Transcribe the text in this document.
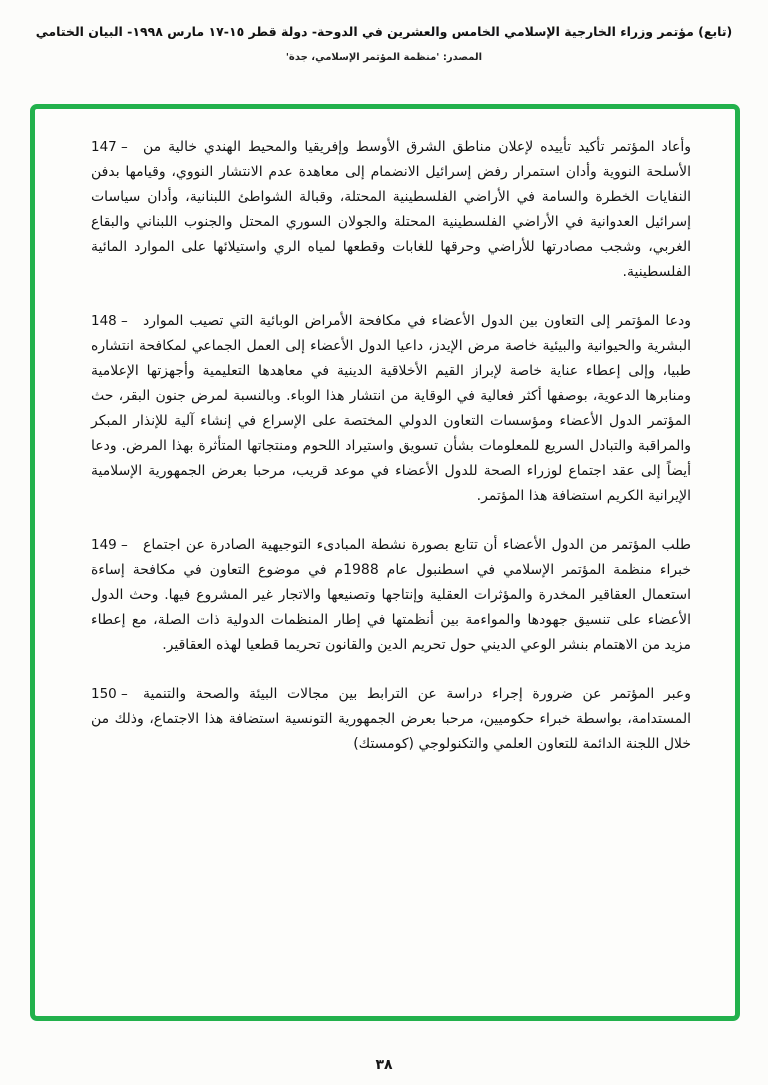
(تابع) مؤتمر وزراء الخارجية الإسلامي الخامس والعشرين في الدوحة- دولة قطر ١٥-١٧ مارس ١٩٩٨- البيان الختامي
المصدر: 'منظمة المؤتمر الإسلامي، جدة'
147 – وأعاد المؤتمر تأكيد تأييده لإعلان مناطق الشرق الأوسط وإفريقيا والمحيط الهندي خالية من الأسلحة النووية وأدان استمرار رفض إسرائيل الانضمام إلى معاهدة عدم الانتشار النووي، وقيامها بدفن النفايات الخطرة والسامة في الأراضي الفلسطينية المحتلة، وقبالة الشواطئ اللبنانية، وأدان سياسات إسرائيل العدوانية في الأراضي الفلسطينية المحتلة والجولان السوري المحتل والجنوب اللبناني والبقاع الغربي، وشجب مصادرتها للأراضي وحرقها للغابات وقطعها لمياه الري واستيلائها على الموارد المائية الفلسطينية.
148 – ودعا المؤتمر إلى التعاون بين الدول الأعضاء في مكافحة الأمراض الوبائية التي تصيب الموارد البشرية والحيوانية والبيئية خاصة مرض الإيدز، داعيا الدول الأعضاء إلى العمل الجماعي لمكافحة انتشاره طبيا، وإلى إعطاء عناية خاصة لإبراز القيم الأخلاقية الدينية في معاهدها التعليمية وأجهزتها الإعلامية ومنابرها الدعوية، بوصفها أكثر فعالية في الوقاية من انتشار هذا الوباء. وبالنسبة لمرض جنون البقر، حث المؤتمر الدول الأعضاء ومؤسسات التعاون الدولي المختصة على الإسراع في إنشاء آلية للإنذار المبكر والمراقبة والتبادل السريع للمعلومات بشأن تسويق واستيراد اللحوم ومنتجاتها المتأثرة بهذا المرض. ودعا أيضاً إلى عقد اجتماع لوزراء الصحة للدول الأعضاء في موعد قريب، مرحبا بعرض الجمهورية الإسلامية الإيرانية الكريم استضافة هذا المؤتمر.
149 – طلب المؤتمر من الدول الأعضاء أن تتابع بصورة نشطة المبادىء التوجيهية الصادرة عن اجتماع خبراء منظمة المؤتمر الإسلامي في اسطنبول عام 1988م في موضوع التعاون في مكافحة إساءة استعمال العقاقير المخدرة والمؤثرات العقلية وإنتاجها وتصنيعها والاتجار غير المشروع فيها. وحث الدول الأعضاء على تنسيق جهودها والمواءمة بين أنظمتها في إطار المنظمات الدولية ذات الصلة، مع إعطاء مزيد من الاهتمام بنشر الوعي الديني حول تحريم الدين والقانون تحريما قطعيا لهذه العقاقير.
150 – وعبر المؤتمر عن ضرورة إجراء دراسة عن الترابط بين مجالات البيئة والصحة والتنمية المستدامة، بواسطة خبراء حكوميين، مرحبا بعرض الجمهورية التونسية استضافة هذا الاجتماع، وذلك من خلال اللجنة الدائمة للتعاون العلمي والتكنولوجي (كومستك)
٣٨
